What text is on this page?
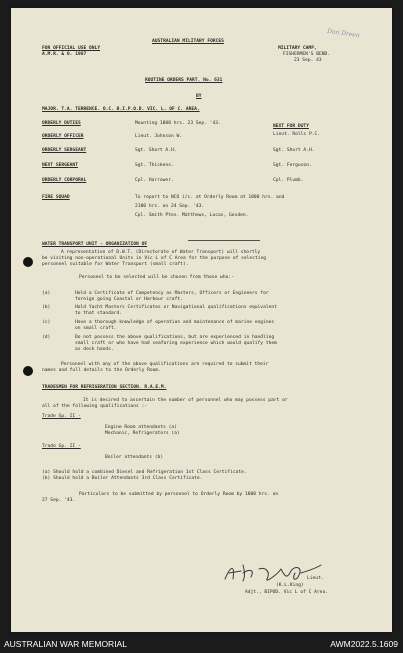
Dan Dreen
FOR OFFICIAL USE ONLY
A.M.R. & O. 1987
AUSTRALIAN MILITARY FORCES
MILITARY CAMP,
FISHERMEN'S BEND.
23 Sep. 43
ROUTINE ORDERS PART. No. 631
BY
MAJOR. T.A. TERRENCE. O.C. B.I.P.O.D. VIC. L. OF C. AREA.
ORDERLY DUTIES	Mounting 1800 hrs. 23 Sep. '43.
NEXT FOR DUTY
ORDERLY OFFICER	Lieut. Johnson W.	Lieut. Rolls P.C.
ORDERLY SERGEANT	Sgt. Short A.H.	Sgt. Short A.H.
NEXT SERGEANT	Sgt. Thickens.	Sgt. Ferguson.
ORDERLY CORPORAL	Cpl. Harrower.	Cpl. Plumb.
FIRE SQUAD	To report to NCO i/c. at Orderly Room at 1800 hrs. and
2100 hrs. on 24 Sep. '43.
Cpl. Smith Ptes. Matthews, Lucas, Gosden.
WATER TRANSPORT UNIT - ORGANIZATION OF
A representative of D.W.T. (Directorate of Water Transport) will shortly
be visiting non-operational Units in Vic L of C Area for the purpose of selecting
personnel suitable for Water Transport (small craft).
Personnel to be selected will be chosen from those who:-
(a)	Hold a Certificate of Competency as Masters, Officers or Engineers for
foreign going Coastal or Harbour craft.
(b)	Hold Yacht Masters Certificates or Navigational qualifications equivalent
to that standard.
(c)	Have a thorough knowledge of operation and maintenance of marine engines
on small craft.
(d)	Do not possess the above qualifications, but are experienced in handling
small craft or who have had seafaring experience which would qualify them
as deck hands.
Personnel with any of the above qualifications are required to submit their
names and full details to the Orderly Room.
TRADESMEN FOR REFRIGERATION SECTION. R.A.E.M.
It is desired to ascertain the number of personnel who may possess part or
all of the following qualifications :-
Trade Gp. II -
Engine Room attendants (a)
Mechanic, Refrigerators (a)
Trade Gp. II -
Boiler attendants (b)
(a) Should hold a combined Diesel and Refrigeration 1st Class Certificate.
(b) Should hold a Boiler Attendants 3rd Class Certificate.
Particulars to be submitted by personnel to Orderly Room by 1800 hrs. on
27 Sep. '43.
Lieut.
(K.L.King)
Adjt., BIPOD. Vic L of C Area.
AUSTRALIAN WAR MEMORIAL	AWM2022.5.1609
